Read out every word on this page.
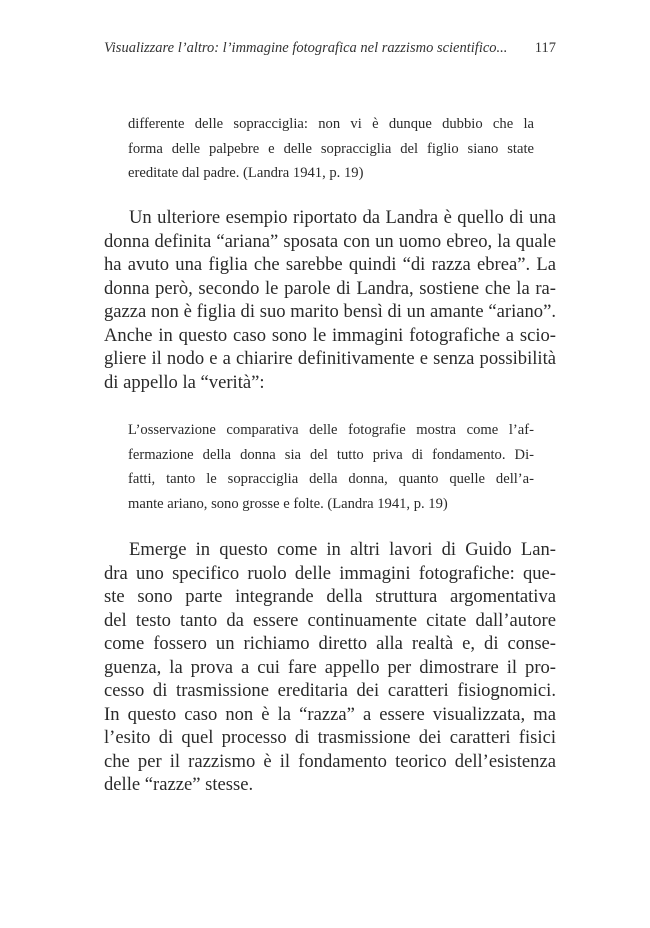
Visualizzare l’altro: l’immagine fotografica nel razzismo scientifico... 117
differente delle sopracciglia: non vi è dunque dubbio che la
forma delle palpebre e delle sopracciglia del figlio siano state
ereditate dal padre. (Landra 1941, p. 19)
Un ulteriore esempio riportato da Landra è quello di una
donna definita “ariana” sposata con un uomo ebreo, la quale
ha avuto una figlia che sarebbe quindi “di razza ebrea”. La
donna però, secondo le parole di Landra, sostiene che la ra-
gazza non è figlia di suo marito bensì di un amante “ariano”.
Anche in questo caso sono le immagini fotografiche a scio-
gliere il nodo e a chiarire definitivamente e senza possibilità
di appello la “verità”:
L’osservazione comparativa delle fotografie mostra come l’af-
fermazione della donna sia del tutto priva di fondamento. Di-
fatti, tanto le sopracciglia della donna, quanto quelle dell’a-
mante ariano, sono grosse e folte. (Landra 1941, p. 19)
Emerge in questo come in altri lavori di Guido Lan-
dra uno specifico ruolo delle immagini fotografiche: que-
ste sono parte integrande della struttura argomentativa
del testo tanto da essere continuamente citate dall’autore
come fossero un richiamo diretto alla realtà e, di conse-
guenza, la prova a cui fare appello per dimostrare il pro-
cesso di trasmissione ereditaria dei caratteri fisiognomici.
In questo caso non è la “razza” a essere visualizzata, ma
l’esito di quel processo di trasmissione dei caratteri fisici
che per il razzismo è il fondamento teorico dell’esistenza
delle “razze” stesse.
